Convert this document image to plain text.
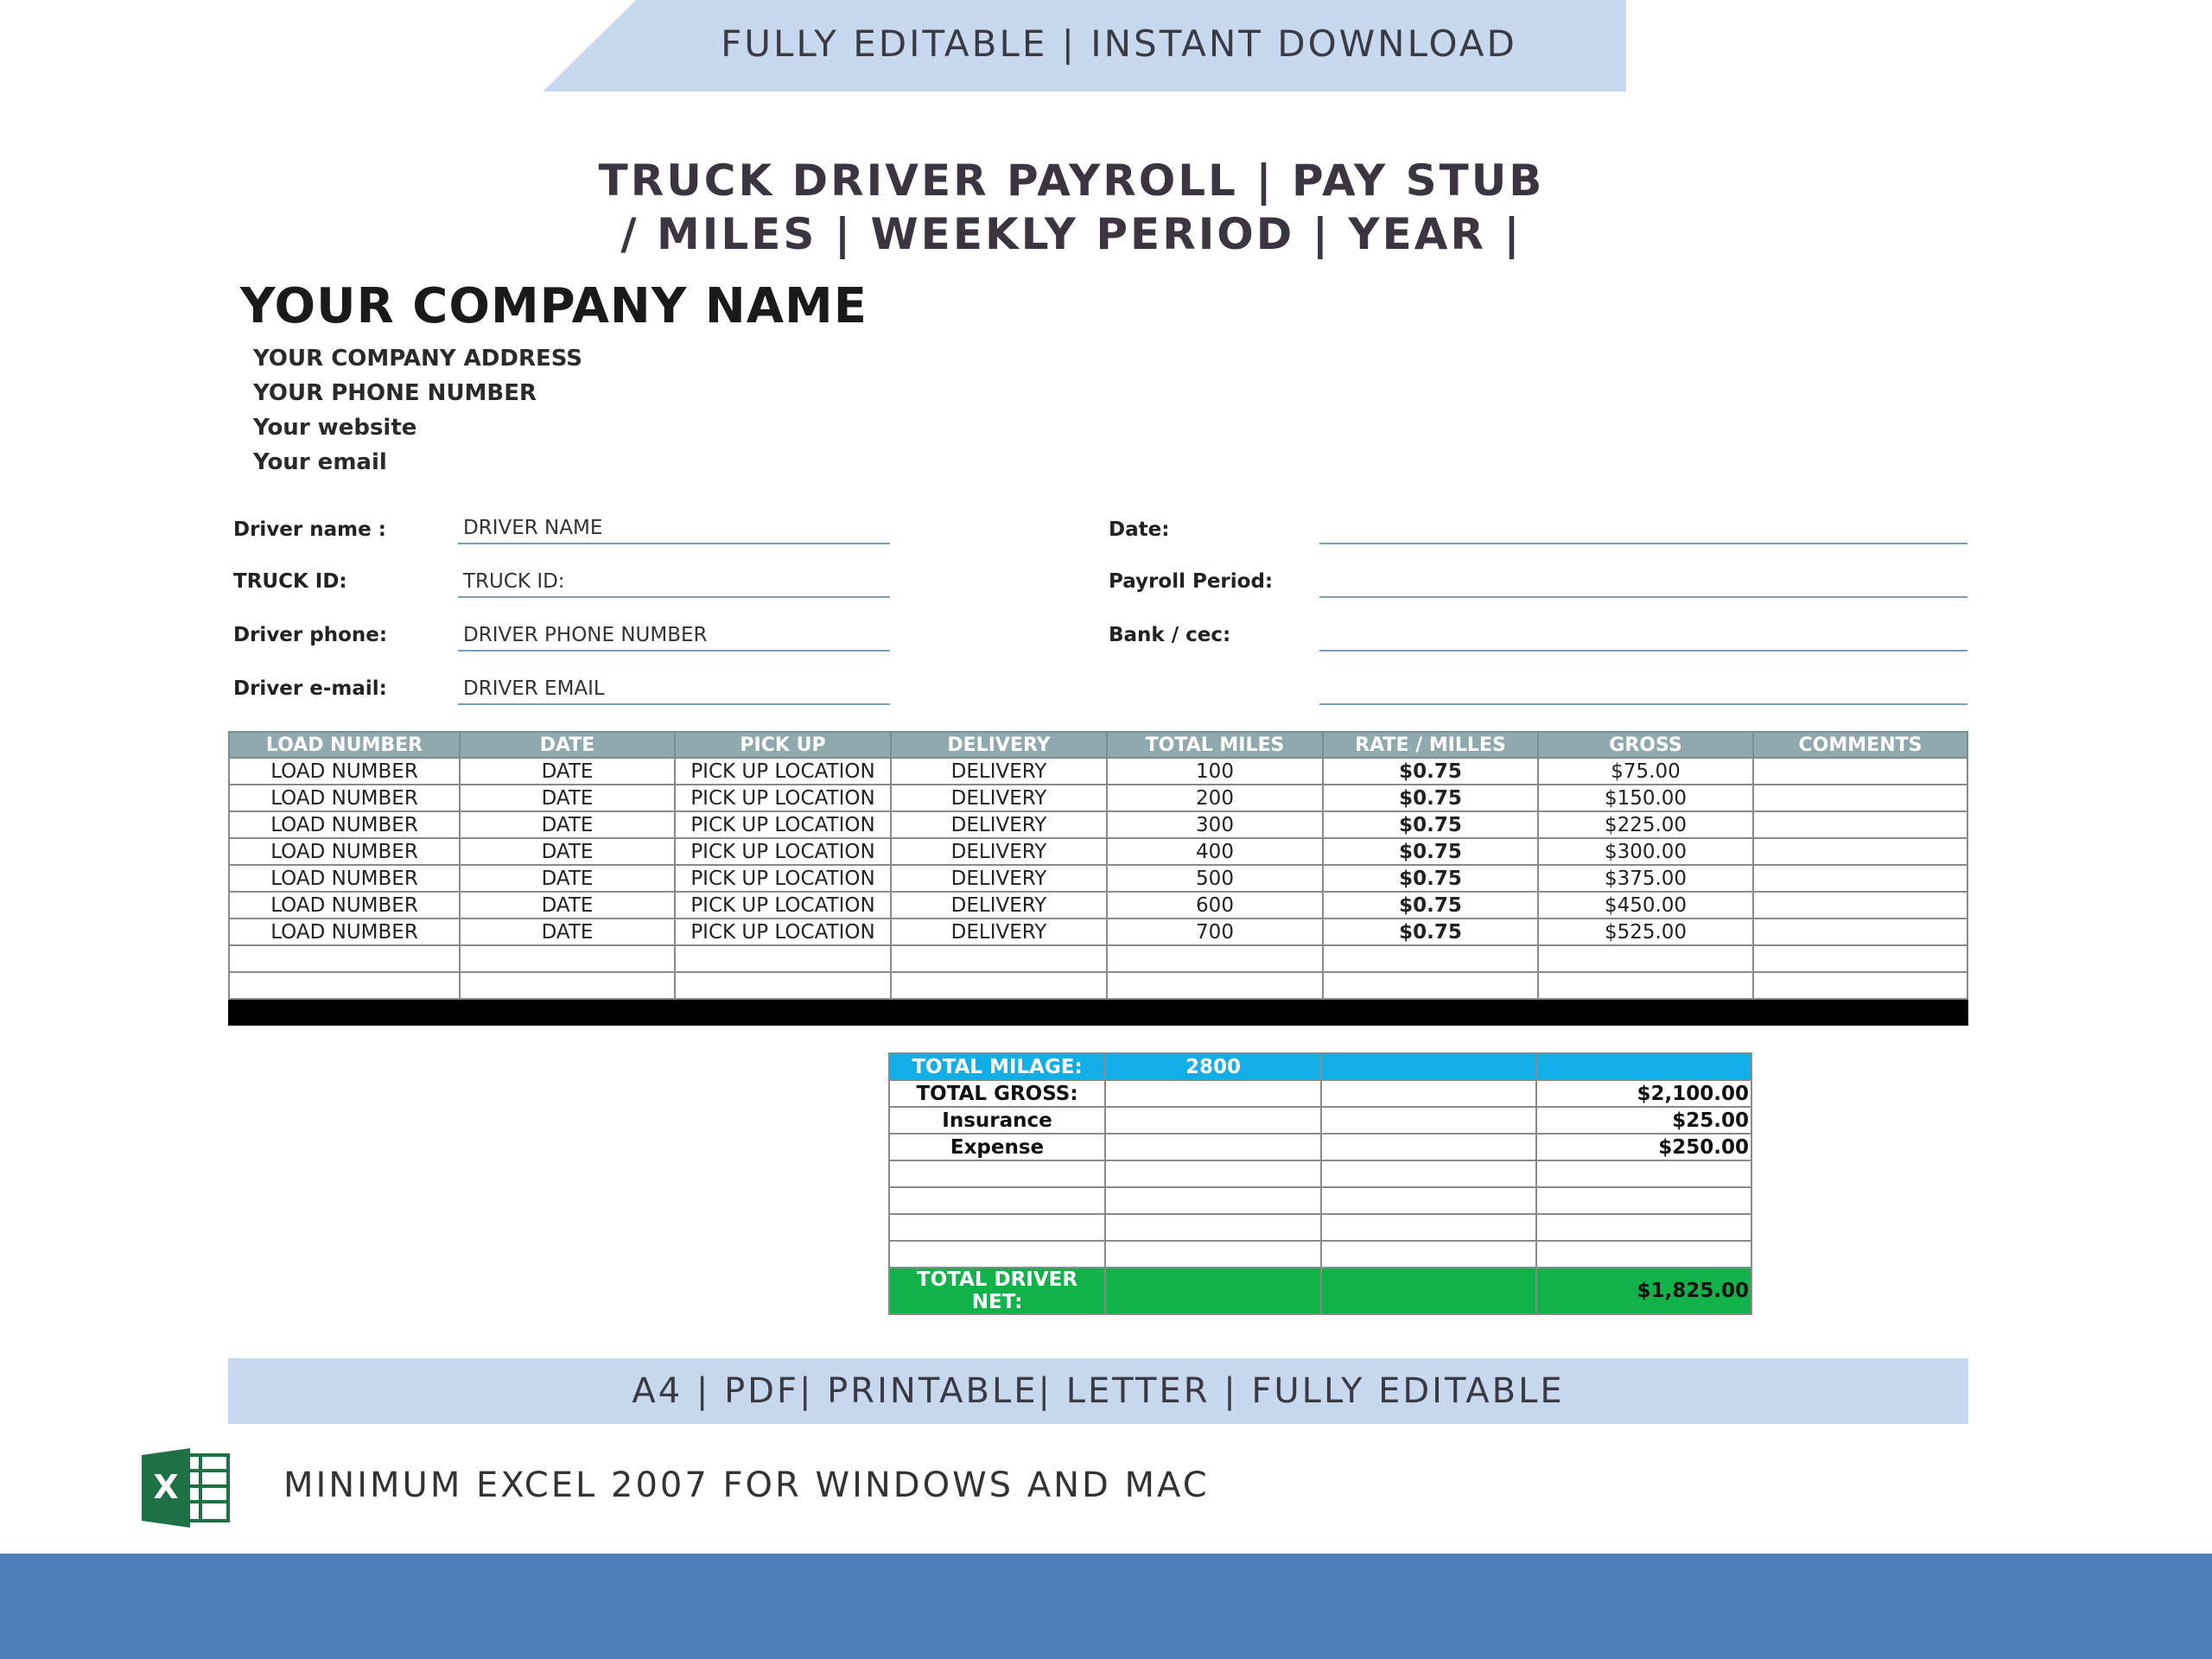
FULLY EDITABLE | INSTANT DOWNLOAD
TRUCK DRIVER PAYROLL | PAY STUB
/ MILES | WEEKLY PERIOD | YEAR |
YOUR COMPANY NAME
YOUR COMPANY ADDRESS
YOUR PHONE NUMBER
Your website
Your email
Driver name :	DRIVER NAME
TRUCK ID:	TRUCK ID:
Driver phone:	DRIVER PHONE NUMBER
Driver e-mail:	DRIVER EMAIL
Date:
Payroll Period:
Bank / cec:
LOAD NUMBER	DATE	PICK UP	DELIVERY	TOTAL MILES	RATE / MILLES	GROSS	COMMENTS
LOAD NUMBER	DATE	PICK UP LOCATION	DELIVERY	100	$0.75	$75.00	
LOAD NUMBER	DATE	PICK UP LOCATION	DELIVERY	200	$0.75	$150.00	
LOAD NUMBER	DATE	PICK UP LOCATION	DELIVERY	300	$0.75	$225.00	
LOAD NUMBER	DATE	PICK UP LOCATION	DELIVERY	400	$0.75	$300.00	
LOAD NUMBER	DATE	PICK UP LOCATION	DELIVERY	500	$0.75	$375.00	
LOAD NUMBER	DATE	PICK UP LOCATION	DELIVERY	600	$0.75	$450.00	
LOAD NUMBER	DATE	PICK UP LOCATION	DELIVERY	700	$0.75	$525.00	

TOTAL MILAGE:	2800		
TOTAL GROSS:			$2,100.00
Insurance			$25.00
Expense			$250.00

TOTAL DRIVER NET:			$1,825.00
A4 | PDF| PRINTABLE| LETTER | FULLY EDITABLE
X	MINIMUM EXCEL 2007 FOR WINDOWS AND MAC
